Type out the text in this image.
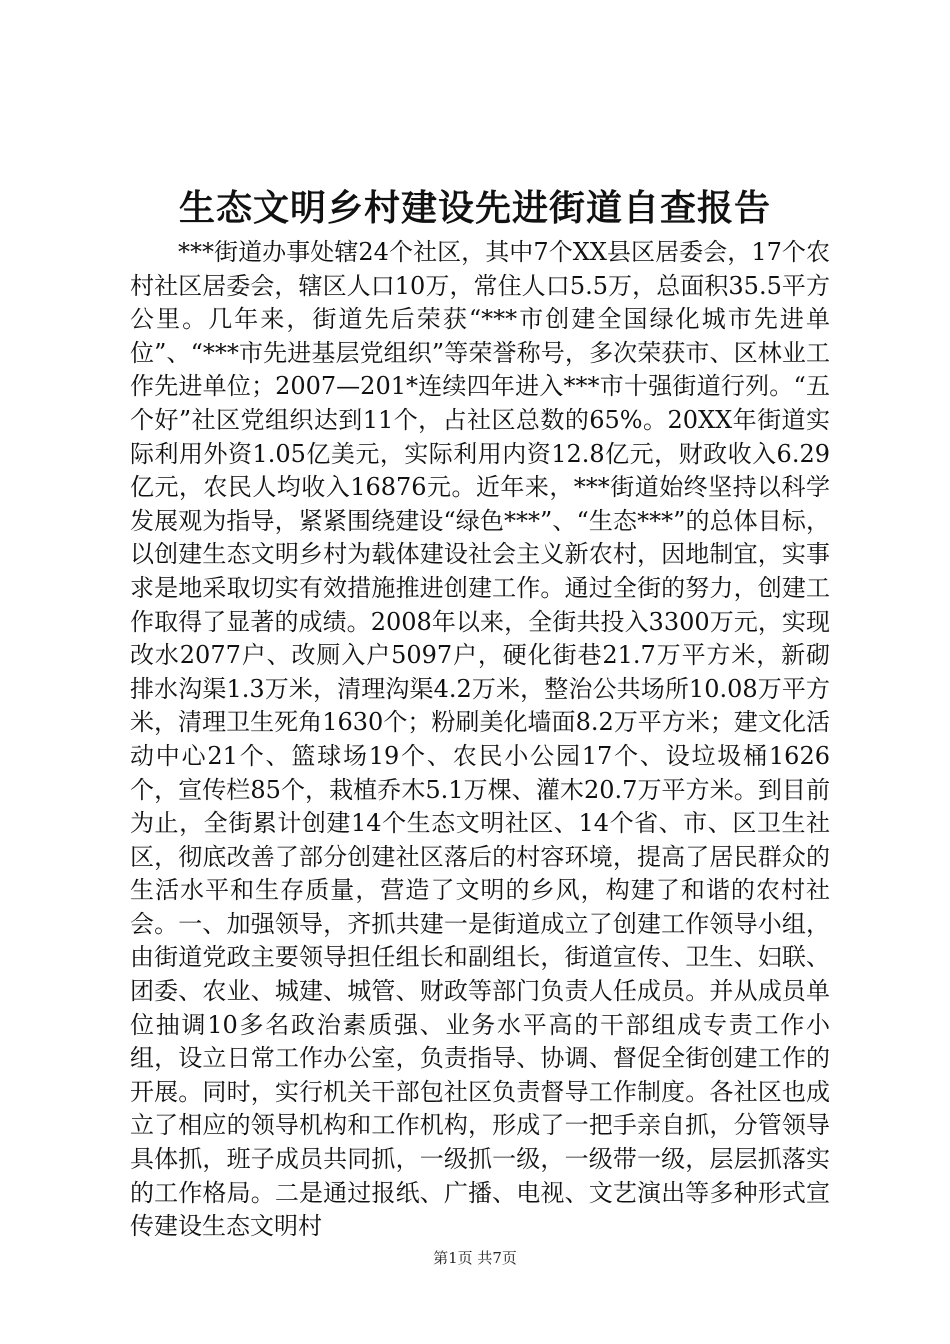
生态文明乡村建设先进街道自查报告

***街道办事处辖24个社区，其中7个XX县区居委会，17个农村社区居委会，辖区人口10万，常住人口5.5万，总面积35.5平方公里。几年来，街道先后荣获“***市创建全国绿化城市先进单位”、“***市先进基层党组织”等荣誉称号，多次荣获市、区林业工作先进单位；2007—201*连续四年进入***市十强街道行列。“五个好”社区党组织达到11个，占社区总数的65%。20XX年街道实际利用外资1.05亿美元，实际利用内资12.8亿元，财政收入6.29亿元，农民人均收入16876元。近年来，***街道始终坚持以科学发展观为指导，紧紧围绕建设“绿色***”、“生态***”的总体目标，以创建生态文明乡村为载体建设社会主义新农村，因地制宜，实事求是地采取切实有效措施推进创建工作。通过全街的努力，创建工作取得了显著的成绩。2008年以来，全街共投入3300万元，实现改水2077户、改厕入户5097户，硬化街巷21.7万平方米，新砌排水沟渠1.3万米，清理沟渠4.2万米，整治公共场所10.08万平方米，清理卫生死角1630个；粉刷美化墙面8.2万平方米；建文化活动中心21个、篮球场19个、农民小公园17个、设垃圾桶1626个，宣传栏85个，栽植乔木5.1万棵、灌木20.7万平方米。到目前为止，全街累计创建14个生态文明社区、14个省、市、区卫生社区，彻底改善了部分创建社区落后的村容环境，提高了居民群众的生活水平和生存质量，营造了文明的乡风，构建了和谐的农村社会。一、加强领导，齐抓共建一是街道成立了创建工作领导小组，由街道党政主要领导担任组长和副组长，街道宣传、卫生、妇联、团委、农业、城建、城管、财政等部门负责人任成员。并从成员单位抽调10多名政治素质强、业务水平高的干部组成专责工作小组，设立日常工作办公室，负责指导、协调、督促全街创建工作的开展。同时，实行机关干部包社区负责督导工作制度。各社区也成立了相应的领导机构和工作机构，形成了一把手亲自抓，分管领导具体抓，班子成员共同抓，一级抓一级，一级带一级，层层抓落实的工作格局。二是通过报纸、广播、电视、文艺演出等多种形式宣传建设生态文明村

第1页 共7页
